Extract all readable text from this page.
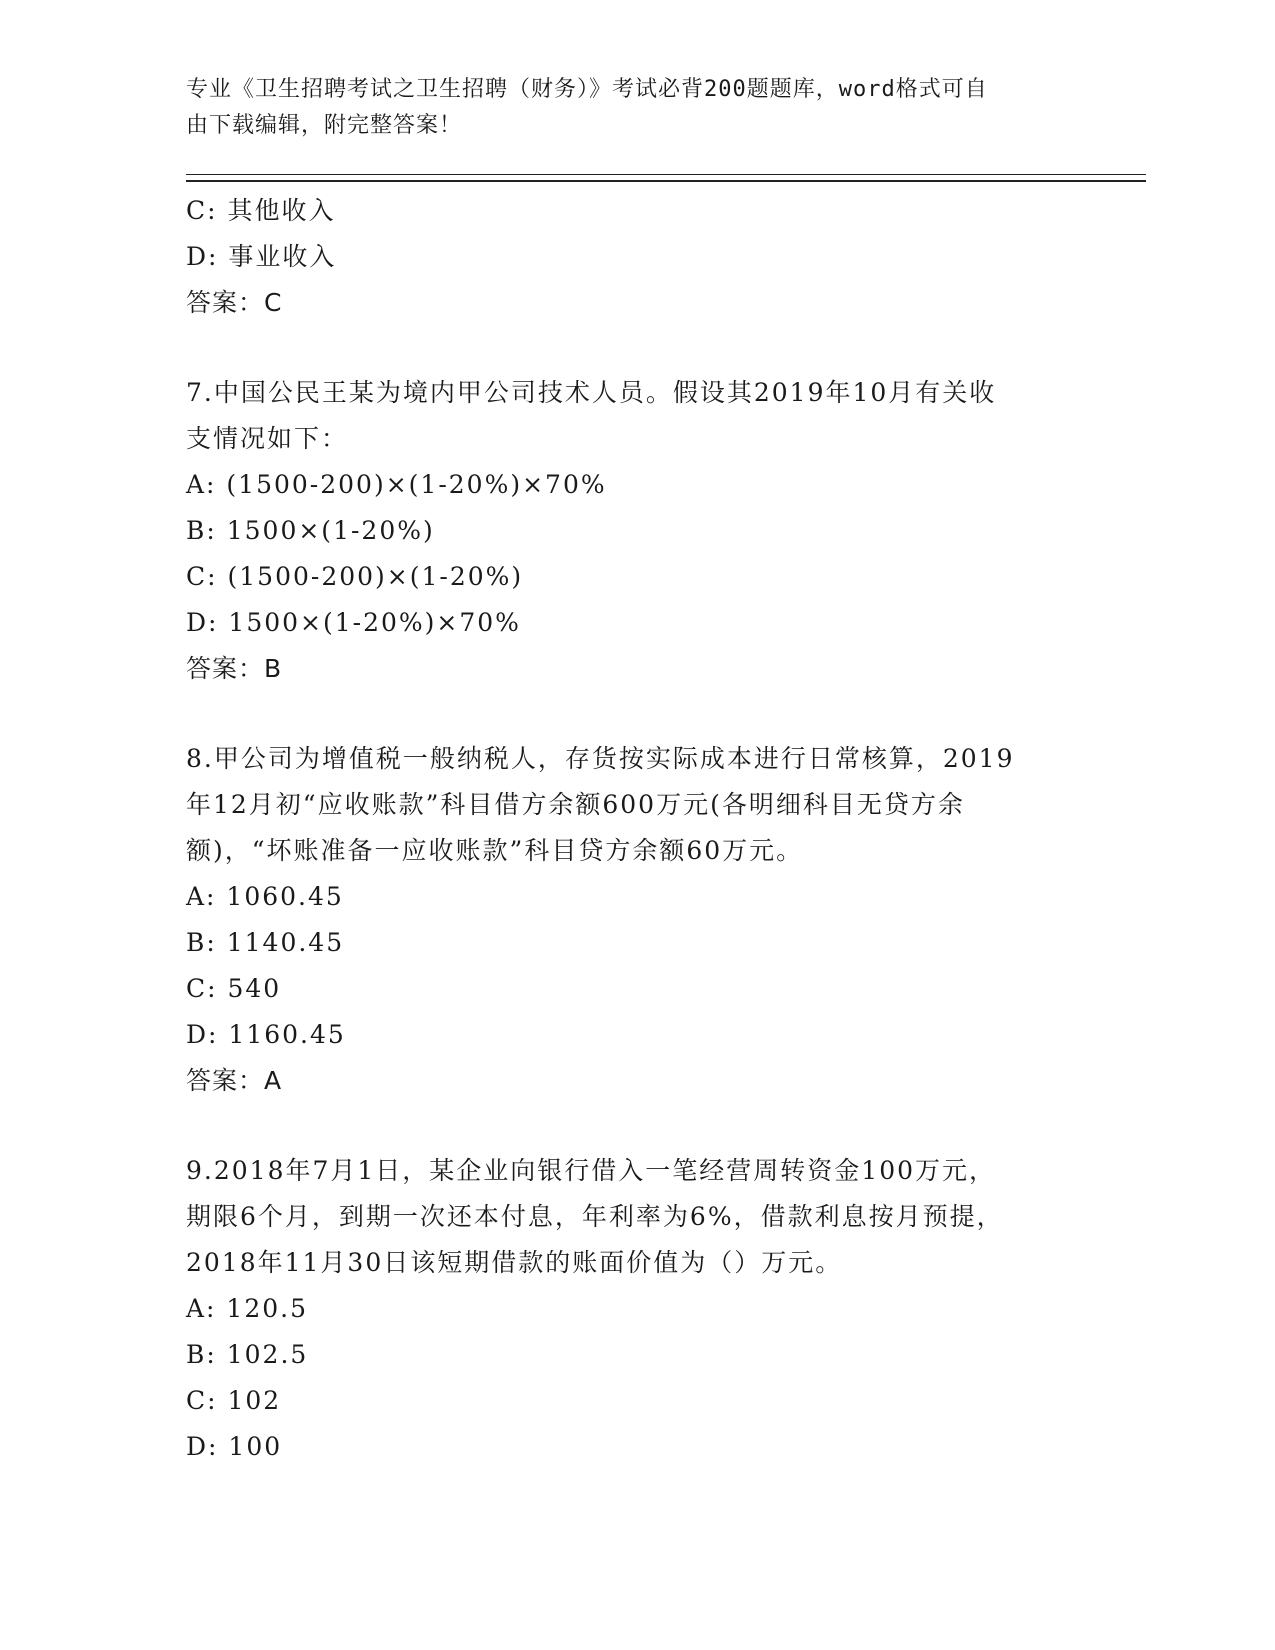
专业《卫生招聘考试之卫生招聘（财务）》考试必背200题题库，word格式可自
由下载编辑，附完整答案！
C: 其他收入
D: 事业收入
答案：C
7.中国公民王某为境内甲公司技术人员。假设其2019年10月有关收
支情况如下：
A: (1500-200)×(1-20%)×70%
B: 1500×(1-20%)
C: (1500-200)×(1-20%)
D: 1500×(1-20%)×70%
答案：B
8.甲公司为增值税一般纳税人，存货按实际成本进行日常核算，2019
年12月初“应收账款”科目借方余额600万元(各明细科目无贷方余
额)，“坏账准备一应收账款”科目贷方余额60万元。
A: 1060.45
B: 1140.45
C: 540
D: 1160.45
答案：A
9.2018年7月1日，某企业向银行借入一笔经营周转资金100万元，
期限6个月，到期一次还本付息，年利率为6%，借款利息按月预提，
2018年11月30日该短期借款的账面价值为（）万元。
A: 120.5
B: 102.5
C: 102
D: 100
